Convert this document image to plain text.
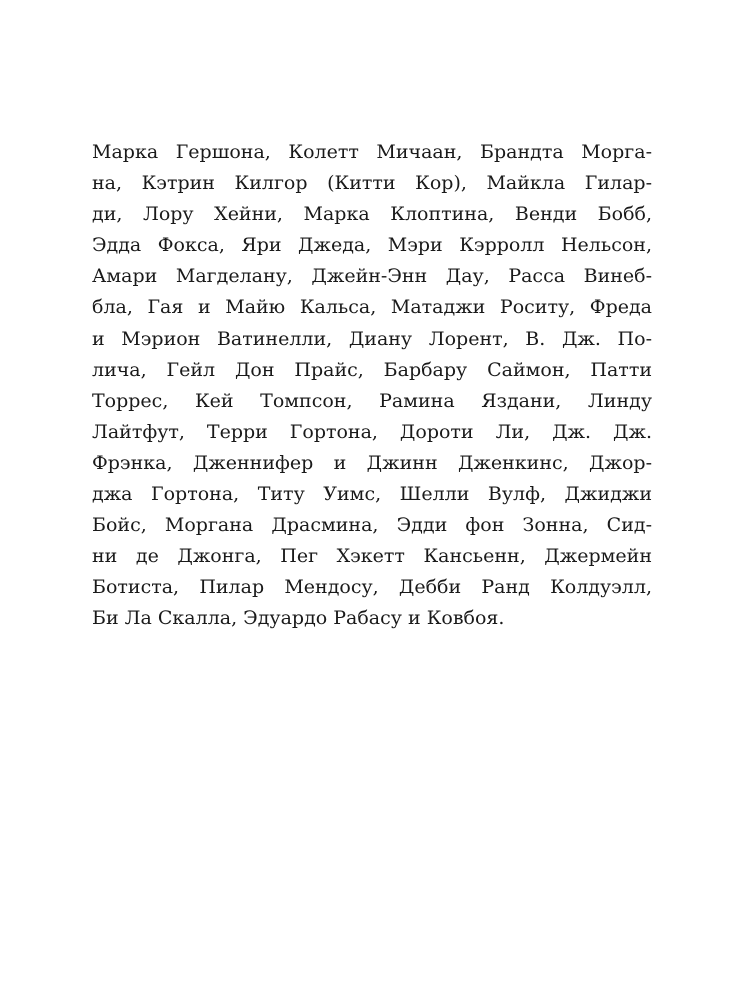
Марка Гершона, Колетт Мичаан, Брандта Морга-
на, Кэтрин Килгор (Китти Кор), Майкла Гилар-
ди, Лору Хейни, Марка Клоптина, Венди Бобб,
Эдда Фокса, Яри Джеда, Мэри Кэрролл Нельсон,
Амари Магделану, Джейн-Энн Дау, Расса Винеб-
бла, Гая и Майю Кальса, Матаджи Роситу, Фреда
и Мэрион Ватинелли, Диану Лорент, В. Дж. По-
лича, Гейл Дон Прайс, Барбару Саймон, Патти
Торрес, Кей Томпсон, Рамина Яздани, Линду
Лайтфут, Терри Гортона, Дороти Ли, Дж. Дж.
Фрэнка, Дженнифер и Джинн Дженкинс, Джор-
джа Гортона, Титу Уимс, Шелли Вулф, Джиджи
Бойс, Моргана Драсмина, Эдди фон Зонна, Сид-
ни де Джонга, Пег Хэкетт Кансьенн, Джермейн
Ботиста, Пилар Мендосу, Дебби Ранд Колдуэлл,
Би Ла Скалла, Эдуардо Рабасу и Ковбоя.
